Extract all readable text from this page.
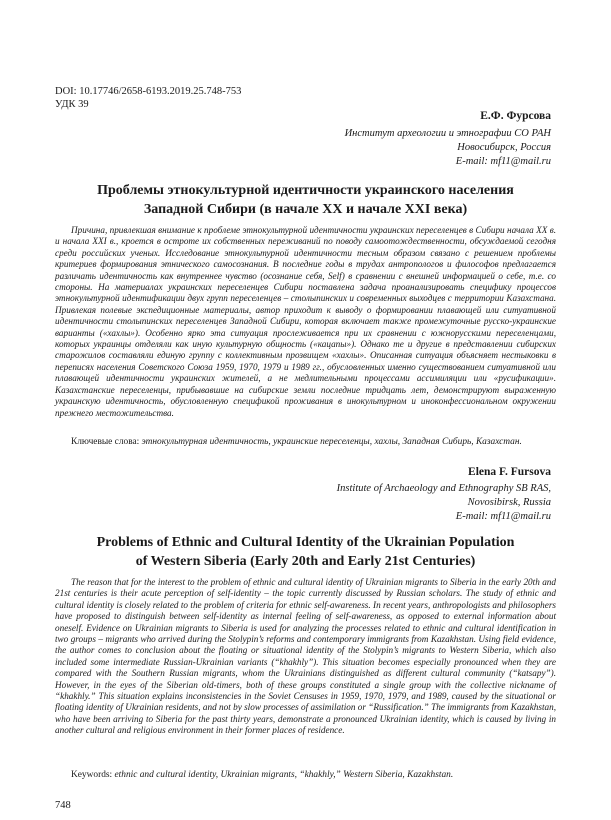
DOI: 10.17746/2658-6193.2019.25.748-753
УДК 39
Е.Ф. Фурсова
Институт археологии и этнографии СО РАН
Новосибирск, Россия
E-mail: mf11@mail.ru
Проблемы этнокультурной идентичности украинского населения
Западной Сибири (в начале ХХ и начале ХХI века)

Причина, привлекшая внимание к проблеме этнокультурной идентичности украинских переселенцев в Сибири начала ХХ в. и начала ХХI в., кроется в остроте их собственных переживаний по поводу самоотождественности, обсуждаемой сегодня среди российских ученых. Исследование этнокультурной идентичности тесным образом связано с решением проблемы критериев формирования этнического самосознания. В последние годы в трудах антропологов и философов предлагается различать идентичность как внутреннее чувство (осознание себя, Self) в сравнении с внешней информацией о себе, т.е. со стороны. На материалах украинских переселенцев Сибири поставлена задача проанализировать специфику процессов этнокультурной идентификации двух групп переселенцев – столыпинских и современных выходцев с территории Казахстана. Привлекая полевые экспедиционные материалы, автор приходит к выводу о формировании плавающей или ситуативной идентичности столыпинских переселенцев Западной Сибири, которая включает также промежуточные русско-украинские варианты («хахлы»). Особенно ярко эта ситуация прослеживается при их сравнении с южнорусскими переселенцами, которых украинцы отделяли как иную культурную общность («кацапы»). Однако те и другие в представлении сибирских старожилов составляли единую группу с коллективным прозвищем «хахлы». Описанная ситуация объясняет нестыковки в переписях населения Советского Союза 1959, 1970, 1979 и 1989 гг., обусловленных именно существованием ситуативной или плавающей идентичности украинских жителей, а не медлительными процессами ассимиляции или «русификации». Казахстанские переселенцы, прибывавшие на сибирские земли последние тридцать лет, демонстрируют выраженную украинскую идентичность, обусловленную спецификой проживания в инокультурном и иноконфессиональном окружении прежнего местожительства.

Ключевые слова: этнокультурная идентичность, украинские переселенцы, хахлы, Западная Сибирь, Казахстан.

Elena F. Fursova
Institute of Archaeology and Ethnography SB RAS,
Novosibirsk, Russia
E-mail: mf11@mail.ru
Problems of Ethnic and Cultural Identity of the Ukrainian Population
of Western Siberia (Early 20th and Early 21st Centuries)

The reason that for the interest to the problem of ethnic and cultural identity of Ukrainian migrants to Siberia in the early 20th and 21st centuries is their acute perception of self-identity – the topic currently discussed by Russian scholars. The study of ethnic and cultural identity is closely related to the problem of criteria for ethnic self-awareness. In recent years, anthropologists and philosophers have proposed to distinguish between self-identity as internal feeling of self-awareness, as opposed to external information about oneself. Evidence on Ukrainian migrants to Siberia is used for analyzing the processes related to ethnic and cultural identification in two groups – migrants who arrived during the Stolypin’s reforms and contemporary immigrants from Kazakhstan. Using field evidence, the author comes to conclusion about the floating or situational identity of the Stolypin’s migrants to Western Siberia, which also included some intermediate Russian-Ukrainian variants (“khakhly”). This situation becomes especially pronounced when they are compared with the Southern Russian migrants, whom the Ukrainians distinguished as different cultural community (“katsapy”). However, in the eyes of the Siberian old-timers, both of these groups constituted a single group with the collective nickname of “khakhly.” This situation explains inconsistencies in the Soviet Censuses in 1959, 1970, 1979, and 1989, caused by the situational or floating identity of Ukrainian residents, and not by slow processes of assimilation or “Russification.” The immigrants from Kazakhstan, who have been arriving to Siberia for the past thirty years, demonstrate a pronounced Ukrainian identity, which is caused by living in another cultural and religious environment in their former places of residence.

Keywords: ethnic and cultural identity, Ukrainian migrants, “khakhly,” Western Siberia, Kazakhstan.

748
